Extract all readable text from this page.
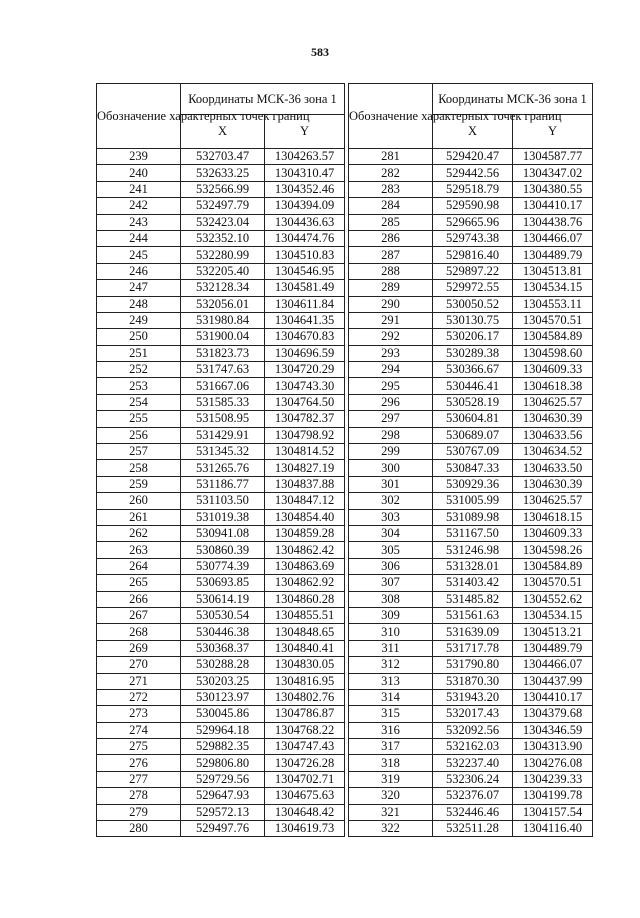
583
Обозначение характерных точек границ	Координаты МСК-36 зона 1	
	X	Y
239	532703.47	1304263.57
240	532633.25	1304310.47
241	532566.99	1304352.46
242	532497.79	1304394.09
243	532423.04	1304436.63
244	532352.10	1304474.76
245	532280.99	1304510.83
246	532205.40	1304546.95
247	532128.34	1304581.49
248	532056.01	1304611.84
249	531980.84	1304641.35
250	531900.04	1304670.83
251	531823.73	1304696.59
252	531747.63	1304720.29
253	531667.06	1304743.30
254	531585.33	1304764.50
255	531508.95	1304782.37
256	531429.91	1304798.92
257	531345.32	1304814.52
258	531265.76	1304827.19
259	531186.77	1304837.88
260	531103.50	1304847.12
261	531019.38	1304854.40
262	530941.08	1304859.28
263	530860.39	1304862.42
264	530774.39	1304863.69
265	530693.85	1304862.92
266	530614.19	1304860.28
267	530530.54	1304855.51
268	530446.38	1304848.65
269	530368.37	1304840.41
270	530288.28	1304830.05
271	530203.25	1304816.95
272	530123.97	1304802.76
273	530045.86	1304786.87
274	529964.18	1304768.22
275	529882.35	1304747.43
276	529806.80	1304726.28
277	529729.56	1304702.71
278	529647.93	1304675.63
279	529572.13	1304648.42
280	529497.76	1304619.73
Обозначение характерных точек границ	Координаты МСК-36 зона 1	
	X	Y
281	529420.47	1304587.77
282	529442.56	1304347.02
283	529518.79	1304380.55
284	529590.98	1304410.17
285	529665.96	1304438.76
286	529743.38	1304466.07
287	529816.40	1304489.79
288	529897.22	1304513.81
289	529972.55	1304534.15
290	530050.52	1304553.11
291	530130.75	1304570.51
292	530206.17	1304584.89
293	530289.38	1304598.60
294	530366.67	1304609.33
295	530446.41	1304618.38
296	530528.19	1304625.57
297	530604.81	1304630.39
298	530689.07	1304633.56
299	530767.09	1304634.52
300	530847.33	1304633.50
301	530929.36	1304630.39
302	531005.99	1304625.57
303	531089.98	1304618.15
304	531167.50	1304609.33
305	531246.98	1304598.26
306	531328.01	1304584.89
307	531403.42	1304570.51
308	531485.82	1304552.62
309	531561.63	1304534.15
310	531639.09	1304513.21
311	531717.78	1304489.79
312	531790.80	1304466.07
313	531870.30	1304437.99
314	531943.20	1304410.17
315	532017.43	1304379.68
316	532092.56	1304346.59
317	532162.03	1304313.90
318	532237.40	1304276.08
319	532306.24	1304239.33
320	532376.07	1304199.78
321	532446.46	1304157.54
322	532511.28	1304116.40
